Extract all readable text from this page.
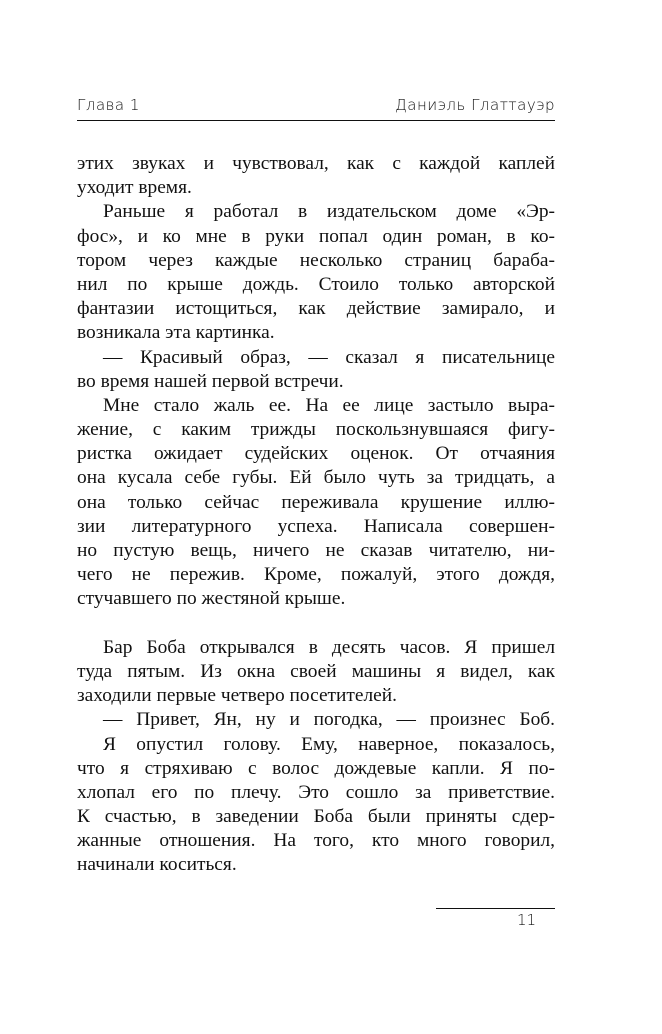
Глава 1	Даниэль Глаттауэр
этих звуках и чувствовал, как с каждой каплей
уходит время.
Раньше я работал в издательском доме «Эр-
фос», и ко мне в руки попал один роман, в ко-
тором через каждые несколько страниц бараба-
нил по крыше дождь. Стоило только авторской
фантазии истощиться, как действие замирало, и
возникала эта картинка.
— Красивый образ, — сказал я писательнице
во время нашей первой встречи.
Мне стало жаль ее. На ее лице застыло выра-
жение, с каким трижды поскользнувшаяся фигу-
ристка ожидает судейских оценок. От отчаяния
она кусала себе губы. Ей было чуть за тридцать, а
она только сейчас переживала крушение иллю-
зии литературного успеха. Написала совершен-
но пустую вещь, ничего не сказав читателю, ни-
чего не пережив. Кроме, пожалуй, этого дождя,
стучавшего по жестяной крыше.
Бар Боба открывался в десять часов. Я пришел
туда пятым. Из окна своей машины я видел, как
заходили первые четверо посетителей.
— Привет, Ян, ну и погодка, — произнес Боб.
Я опустил голову. Ему, наверное, показалось,
что я стряхиваю с волос дождевые капли. Я по-
хлопал его по плечу. Это сошло за приветствие.
К счастью, в заведении Боба были приняты сдер-
жанные отношения. На того, кто много говорил,
начинали коситься.
11
